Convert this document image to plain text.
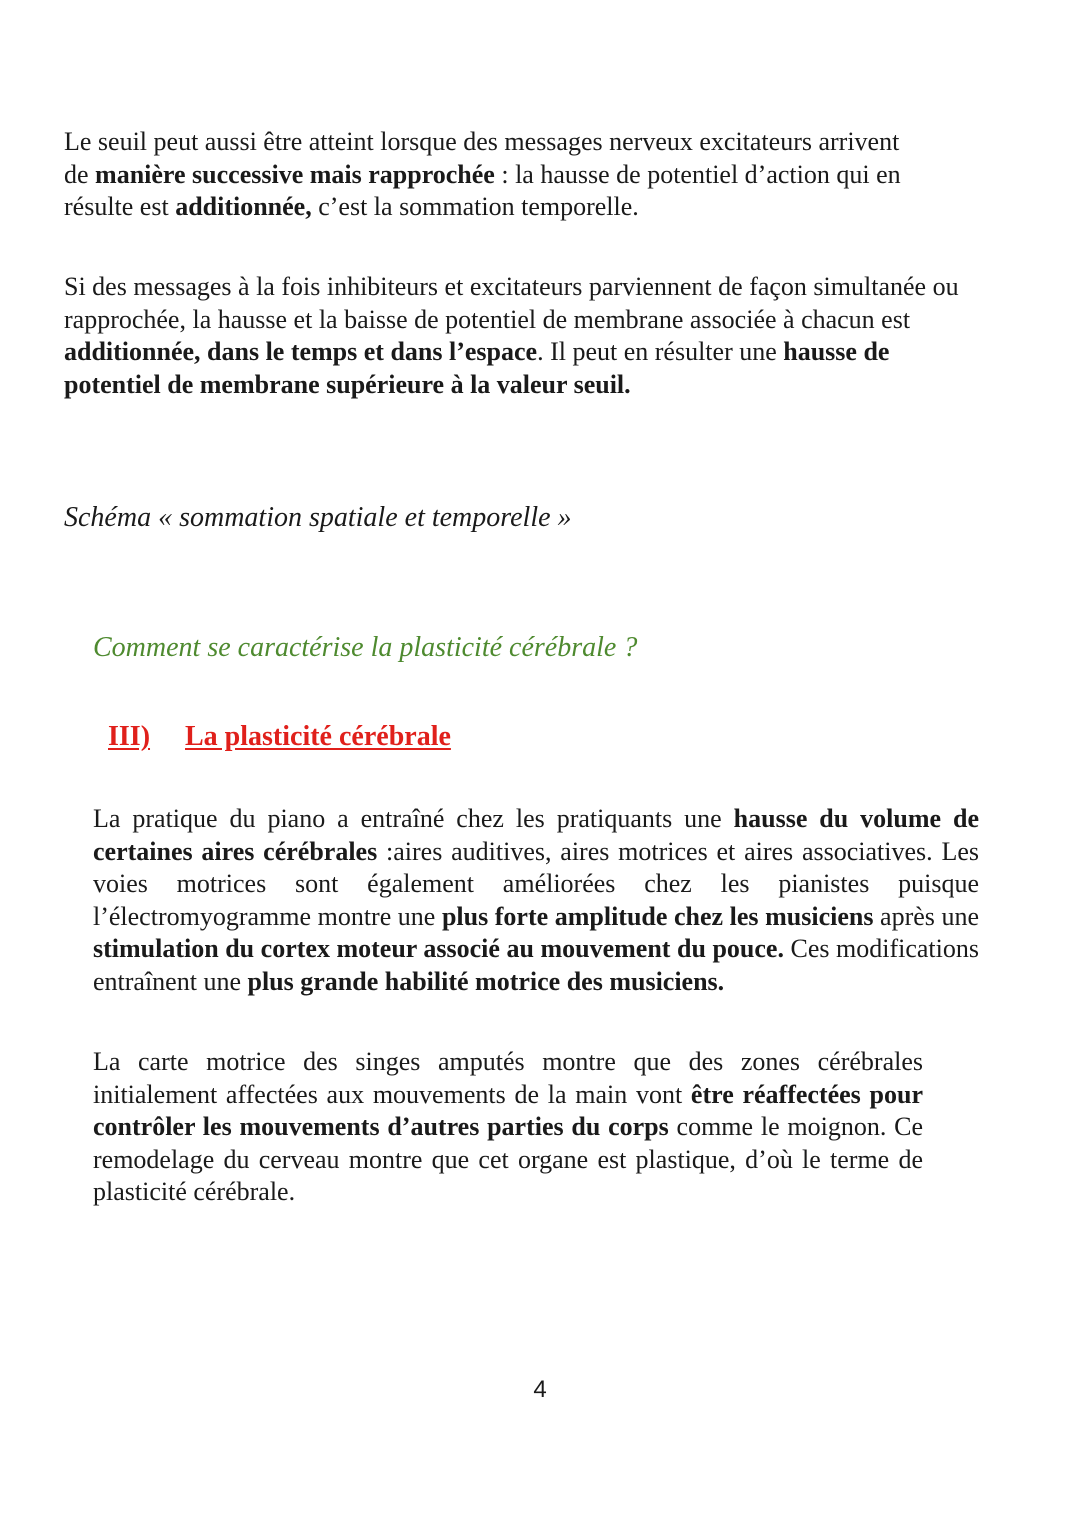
Le seuil peut aussi être atteint lorsque des messages nerveux excitateurs arrivent de manière successive mais rapprochée : la hausse de potentiel d’action qui en résulte est additionnée, c’est la sommation temporelle.

Si des messages à la fois inhibiteurs et excitateurs parviennent de façon simultanée ou rapprochée, la hausse et la baisse de potentiel de membrane associée à chacun est additionnée, dans le temps et dans l’espace. Il peut en résulter une hausse de potentiel de membrane supérieure à la valeur seuil.

Schéma « sommation spatiale et temporelle »

Comment se caractérise la plasticité cérébrale ?

III) La plasticité cérébrale

La pratique du piano a entraîné chez les pratiquants une hausse du volume de certaines aires cérébrales :aires auditives, aires motrices et aires associatives. Les voies motrices sont également améliorées chez les pianistes puisque l’électromyogramme montre une plus forte amplitude chez les musiciens après une stimulation du cortex moteur associé au mouvement du pouce. Ces modifications entraînent une plus grande habilité motrice des musiciens.

La carte motrice des singes amputés montre que des zones cérébrales initialement affectées aux mouvements de la main vont être réaffectées pour contrôler les mouvements d’autres parties du corps comme le moignon. Ce remodelage du cerveau montre que cet organe est plastique, d’où le terme de plasticité cérébrale.

4
